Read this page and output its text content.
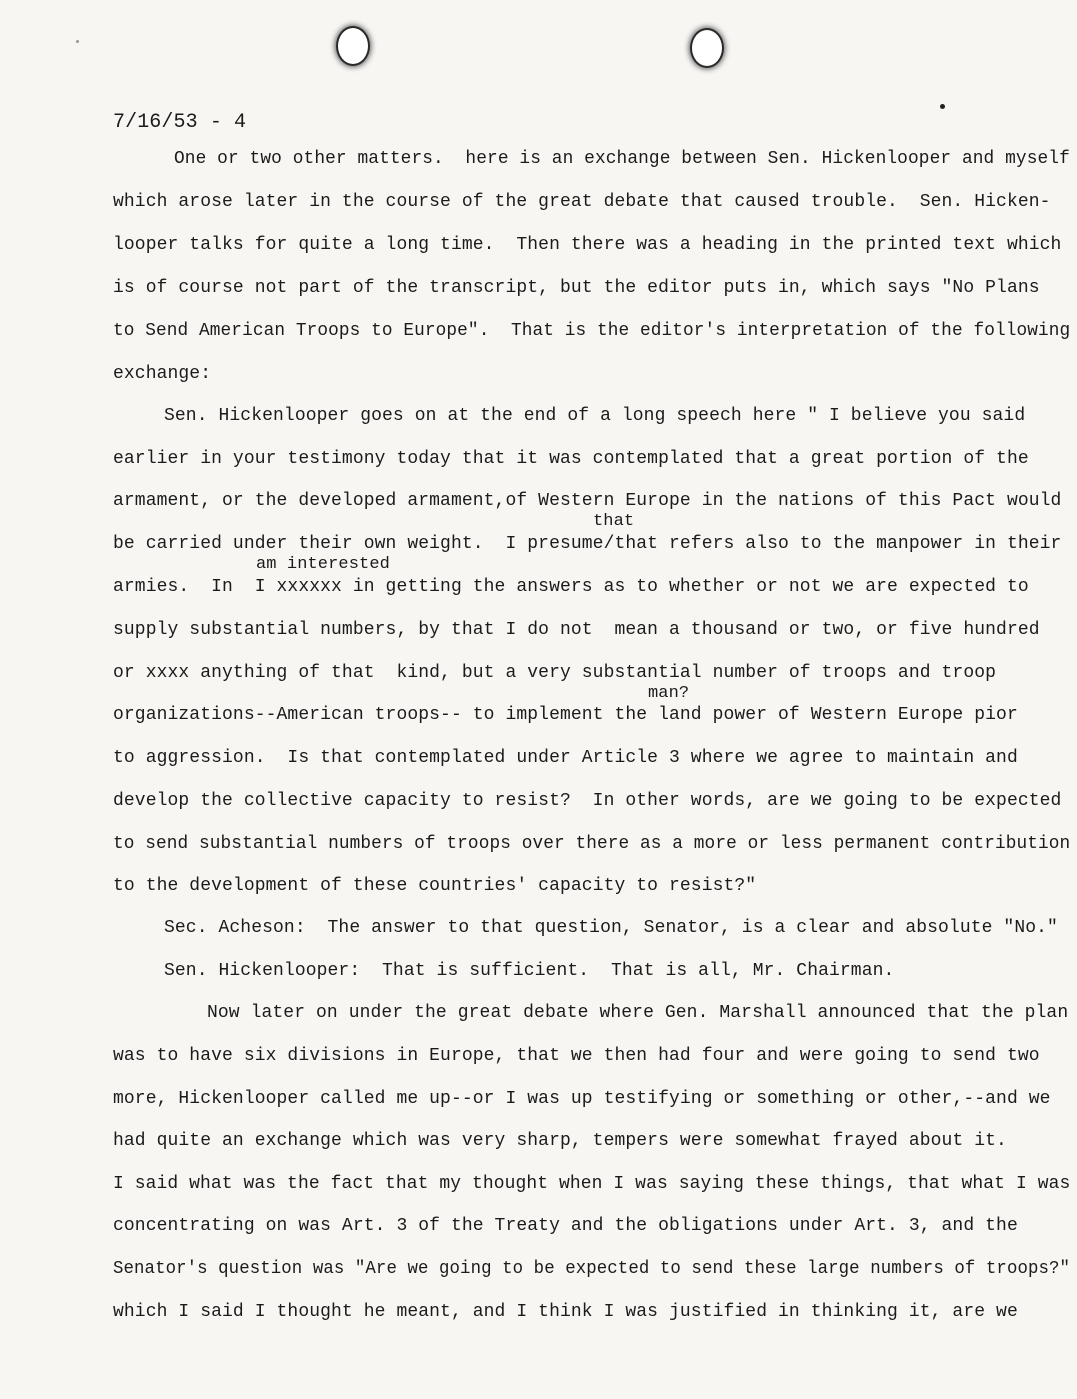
7/16/53 - 4
One or two other matters.  here is an exchange between Sen. Hickenlooper and myself
which arose later in the course of the great debate that caused trouble.  Sen. Hicken-
looper talks for quite a long time.  Then there was a heading in the printed text which
is of course not part of the transcript, but the editor puts in, which says "No Plans
to Send American Troops to Europe".  That is the editor's interpretation of the following
exchange:
Sen. Hickenlooper goes on at the end of a long speech here " I believe you said
earlier in your testimony today that it was contemplated that a great portion of the
armament, or the developed armament,of Western Europe in the nations of this Pact would
that
be carried under their own weight.  I presume/that refers also to the manpower in their
am interested
armies.  In  I xxxxxx in getting the answers as to whether or not we are expected to
supply substantial numbers, by that I do not  mean a thousand or two, or five hundred
or xxxx anything of that  kind, but a very substantial number of troops and troop
man?
organizations--American troops-- to implement the land power of Western Europe pior
to aggression.  Is that contemplated under Article 3 where we agree to maintain and
develop the collective capacity to resist?  In other words, are we going to be expected
to send substantial numbers of troops over there as a more or less permanent contribution
to the development of these countries' capacity to resist?"
Sec. Acheson:  The answer to that question, Senator, is a clear and absolute "No."
Sen. Hickenlooper:  That is sufficient.  That is all, Mr. Chairman.
Now later on under the great debate where Gen. Marshall announced that the plan
was to have six divisions in Europe, that we then had four and were going to send two
more, Hickenlooper called me up--or I was up testifying or something or other,--and we
had quite an exchange which was very sharp, tempers were somewhat frayed about it.
I said what was the fact that my thought when I was saying these things, that what I was
concentrating on was Art. 3 of the Treaty and the obligations under Art. 3, and the
Senator's question was "Are we going to be expected to send these large numbers of troops?"
which I said I thought he meant, and I think I was justified in thinking it, are we
